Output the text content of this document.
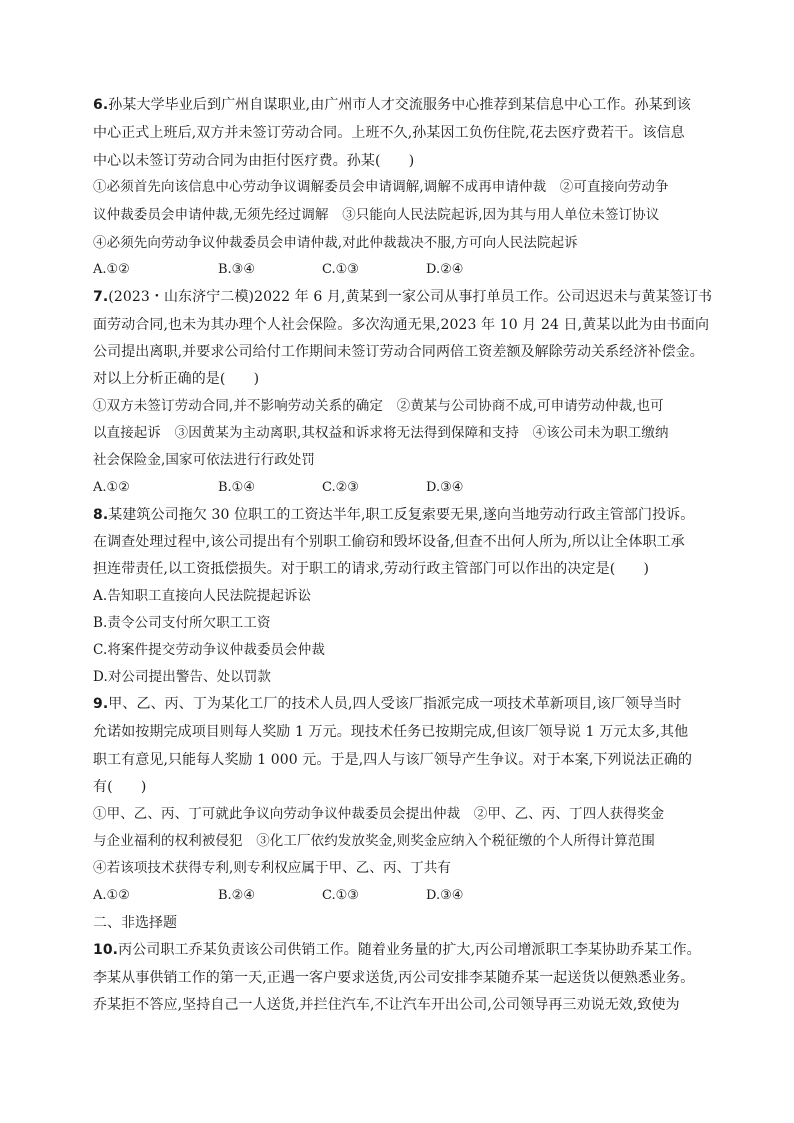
6.孙某大学毕业后到广州自谋职业,由广州市人才交流服务中心推荐到某信息中心工作。孙某到该
中心正式上班后,双方并未签订劳动合同。上班不久,孙某因工负伤住院,花去医疗费若干。该信息
中心以未签订劳动合同为由拒付医疗费。孙某(　　)
①必须首先向该信息中心劳动争议调解委员会申请调解,调解不成再申请仲裁　②可直接向劳动争
议仲裁委员会申请仲裁,无须先经过调解　③只能向人民法院起诉,因为其与用人单位未签订协议
④必须先向劳动争议仲裁委员会申请仲裁,对此仲裁裁决不服,方可向人民法院起诉
A.①②	B.③④	C.①③	D.②④
7.(2023・山东济宁二模)2022 年 6 月,黄某到一家公司从事打单员工作。公司迟迟未与黄某签订书
面劳动合同,也未为其办理个人社会保险。多次沟通无果,2023 年 10 月 24 日,黄某以此为由书面向
公司提出离职,并要求公司给付工作期间未签订劳动合同两倍工资差额及解除劳动关系经济补偿金。
对以上分析正确的是(　　)
①双方未签订劳动合同,并不影响劳动关系的确定　②黄某与公司协商不成,可申请劳动仲裁,也可
以直接起诉　③因黄某为主动离职,其权益和诉求将无法得到保障和支持　④该公司未为职工缴纳
社会保险金,国家可依法进行行政处罚
A.①②	B.①④	C.②③	D.③④
8.某建筑公司拖欠 30 位职工的工资达半年,职工反复索要无果,遂向当地劳动行政主管部门投诉。
在调查处理过程中,该公司提出有个别职工偷窃和毁坏设备,但查不出何人所为,所以让全体职工承
担连带责任,以工资抵偿损失。对于职工的请求,劳动行政主管部门可以作出的决定是(　　)
A.告知职工直接向人民法院提起诉讼
B.责令公司支付所欠职工工资
C.将案件提交劳动争议仲裁委员会仲裁
D.对公司提出警告、处以罚款
9.甲、乙、丙、丁为某化工厂的技术人员,四人受该厂指派完成一项技术革新项目,该厂领导当时
允诺如按期完成项目则每人奖励 1 万元。现技术任务已按期完成,但该厂领导说 1 万元太多,其他
职工有意见,只能每人奖励 1 000 元。于是,四人与该厂领导产生争议。对于本案,下列说法正确的
有(　　)
①甲、乙、丙、丁可就此争议向劳动争议仲裁委员会提出仲裁　②甲、乙、丙、丁四人获得奖金
与企业福利的权利被侵犯　③化工厂依约发放奖金,则奖金应纳入个税征缴的个人所得计算范围
④若该项技术获得专利,则专利权应属于甲、乙、丙、丁共有
A.①②	B.②④	C.①③	D.③④
二、非选择题
10.丙公司职工乔某负责该公司供销工作。随着业务量的扩大,丙公司增派职工李某协助乔某工作。
李某从事供销工作的第一天,正遇一客户要求送货,丙公司安排李某随乔某一起送货以便熟悉业务。
乔某拒不答应,坚持自己一人送货,并拦住汽车,不让汽车开出公司,公司领导再三劝说无效,致使为
